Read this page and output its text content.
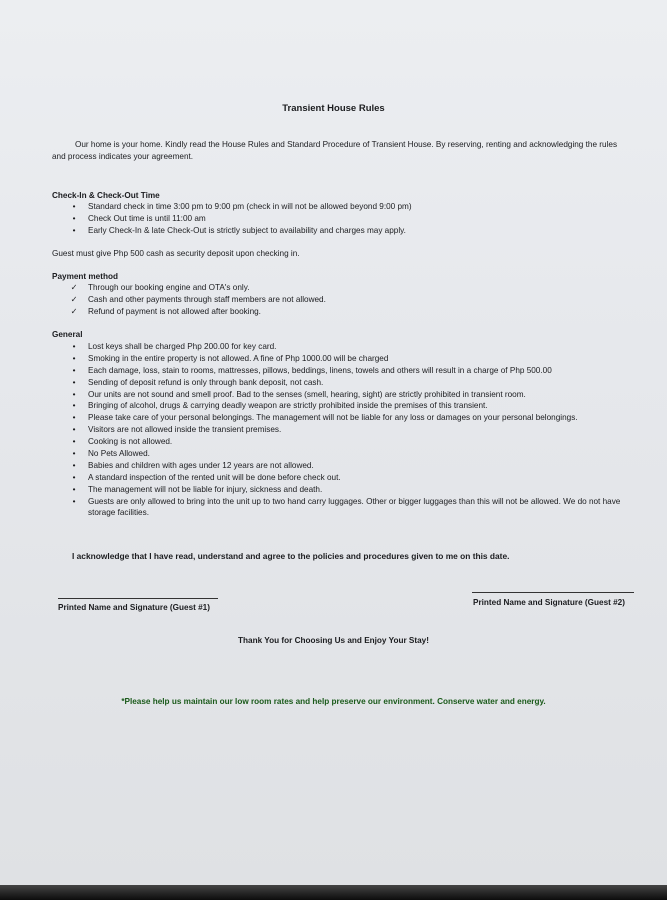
Transient House Rules
Our home is your home. Kindly read the House Rules and Standard Procedure of Transient House. By reserving, renting and acknowledging the rules and process indicates your agreement.
Check-In & Check-Out Time
•	Standard check in time 3:00 pm to 9:00 pm (check in will not be allowed beyond 9:00 pm)
•	Check Out time is until 11:00 am
•	Early Check-In & late Check-Out is strictly subject to availability and charges may apply.
Guest must give Php 500 cash as security deposit upon checking in.
Payment method
✓	Through our booking engine and OTA's only.
✓	Cash and other payments through staff members are not allowed.
✓	Refund of payment is not allowed after booking.
General
•	Lost keys shall be charged Php 200.00 for key card.
•	Smoking in the entire property is not allowed. A fine of Php 1000.00 will be charged
•	Each damage, loss, stain to rooms, mattresses, pillows, beddings, linens, towels and others will result in a charge of Php 500.00
•	Sending of deposit refund is only through bank deposit, not cash.
•	Our units are not sound and smell proof. Bad to the senses (smell, hearing, sight) are strictly prohibited in transient room.
•	Bringing of alcohol, drugs & carrying deadly weapon are strictly prohibited inside the premises of this transient.
•	Please take care of your personal belongings. The management will not be liable for any loss or damages on your personal belongings.
•	Visitors are not allowed inside the transient premises.
•	Cooking is not allowed.
•	No Pets Allowed.
•	Babies and children with ages under 12 years are not allowed.
•	A standard inspection of the rented unit will be done before check out.
•	The management will not be liable for injury, sickness and death.
•	Guests are only allowed to bring into the unit up to two hand carry luggages. Other or bigger luggages than this will not be allowed. We do not have storage facilities.
I acknowledge that I have read, understand and agree to the policies and procedures given to me on this date.
Printed Name and Signature (Guest #1)
Printed Name and Signature (Guest #2)
Thank You for Choosing Us and Enjoy Your Stay!
*Please help us maintain our low room rates and help preserve our environment. Conserve water and energy.
